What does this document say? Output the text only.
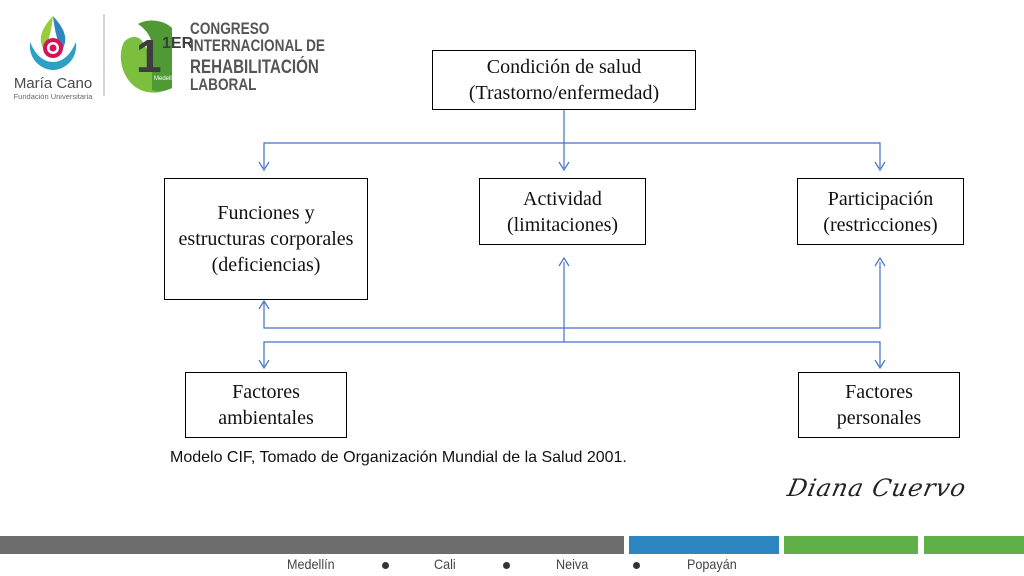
María Cano
Fundación Universitaria
1 1ER
Medellín 2018
CONGRESO
INTERNACIONAL DE
REHABILITACIÓN
LABORAL
Condición de salud
(Trastorno/enfermedad)
Funciones y
estructuras corporales
(deficiencias)
Actividad
(limitaciones)
Participación
(restricciones)
Factores
ambientales
Factores
personales
Modelo CIF, Tomado de Organización Mundial de la Salud 2001.
Diana Cuervo
Medellín	Cali	Neiva	Popayán
